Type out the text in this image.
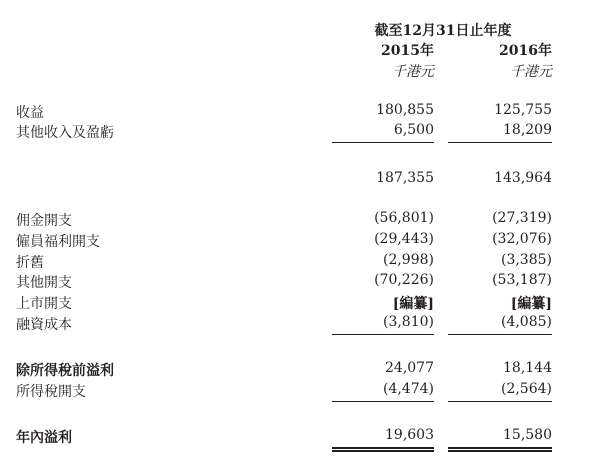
截至12月31日止年度
2015年	2016年
千港元	千港元
收益	180,855	125,755
其他收入及盈虧	6,500	18,209
187,355	143,964
佣金開支	(56,801)	(27,319)
僱員福利開支	(29,443)	(32,076)
折舊	(2,998)	(3,385)
其他開支	(70,226)	(53,187)
上市開支	[編纂]	[編纂]
融資成本	(3,810)	(4,085)
除所得稅前溢利	24,077	18,144
所得稅開支	(4,474)	(2,564)
年內溢利	19,603	15,580
